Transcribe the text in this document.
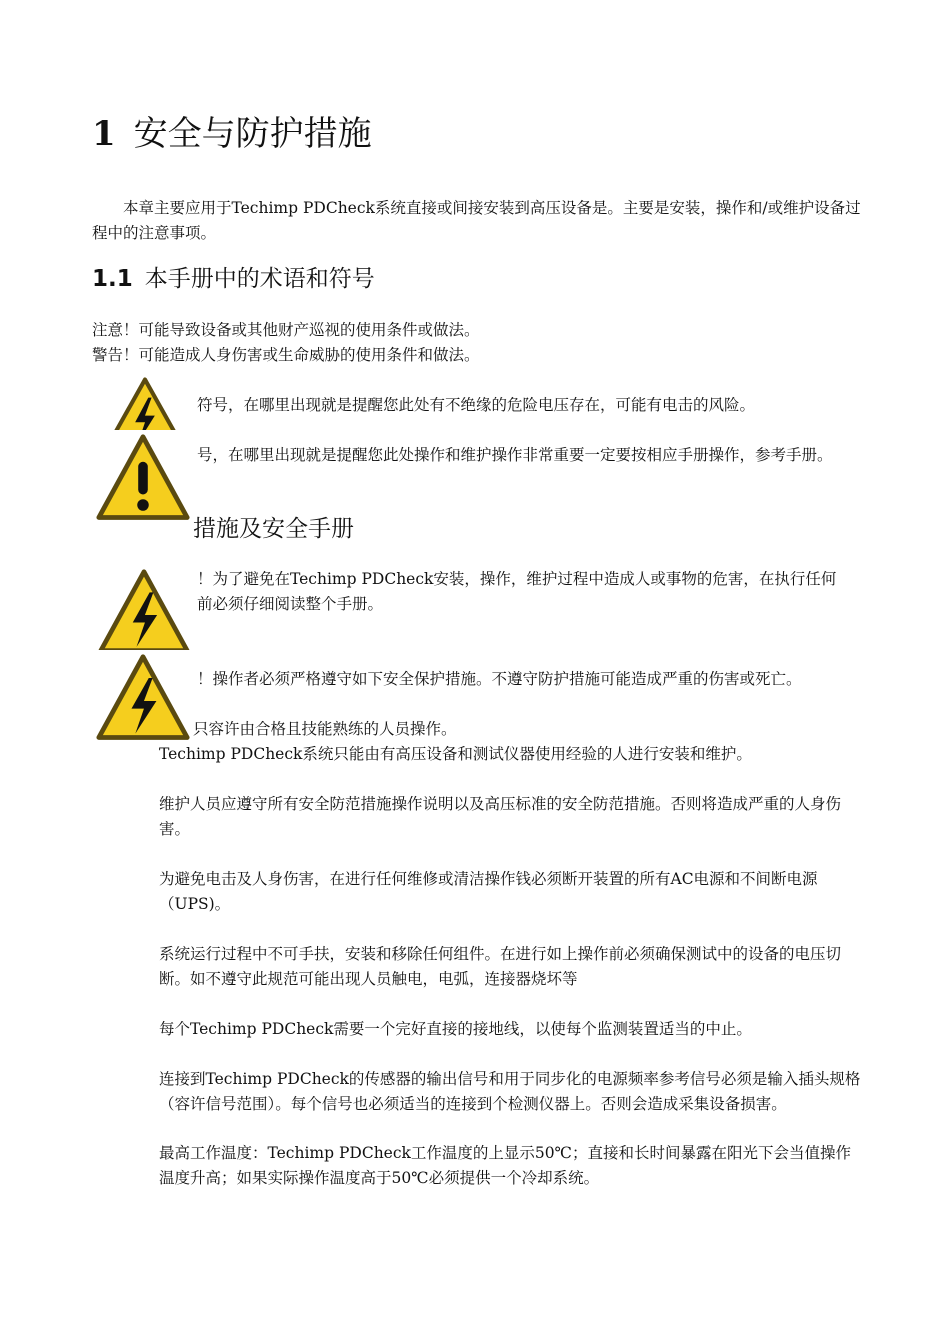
1 安全与防护措施

本章主要应用于Techimp PDCheck系统直接或间接安装到高压设备是。主要是安装，操作和/或维护设备过程中的注意事项。

1.1 本手册中的术语和符号
注意！可能导致设备或其他财产巡视的使用条件或做法。
警告！可能造成人身伤害或生命威胁的使用条件和做法。
符号，在哪里出现就是提醒您此处有不绝缘的危险电压存在，可能有电击的风险。
号，在哪里出现就是提醒您此处操作和维护操作非常重要一定要按相应手册操作，参考手册。
措施及安全手册
！为了避免在Techimp PDCheck安装，操作，维护过程中造成人或事物的危害，在执行任何
前必须仔细阅读整个手册。
！操作者必须严格遵守如下安全保护措施。不遵守防护措施可能造成严重的伤害或死亡。
只容许由合格且技能熟练的人员操作。
Techimp PDCheck系统只能由有高压设备和测试仪器使用经验的人进行安装和维护。

维护人员应遵守所有安全防范措施操作说明以及高压标准的安全防范措施。否则将造成严重的人身伤害。

为避免电击及人身伤害，在进行任何维修或清洁操作钱必须断开装置的所有AC电源和不间断电源（UPS)。

系统运行过程中不可手扶，安装和移除任何组件。在进行如上操作前必须确保测试中的设备的电压切断。如不遵守此规范可能出现人员触电，电弧，连接器烧坏等

每个Techimp PDCheck需要一个完好直接的接地线，以使每个监测装置适当的中止。

连接到Techimp PDCheck的传感器的输出信号和用于同步化的电源频率参考信号必须是输入插头规格（容许信号范围）。每个信号也必须适当的连接到个检测仪器上。否则会造成采集设备损害。

最高工作温度：Techimp PDCheck工作温度的上显示50℃；直接和长时间暴露在阳光下会当值操作温度升高；如果实际操作温度高于50℃必须提供一个冷却系统。
